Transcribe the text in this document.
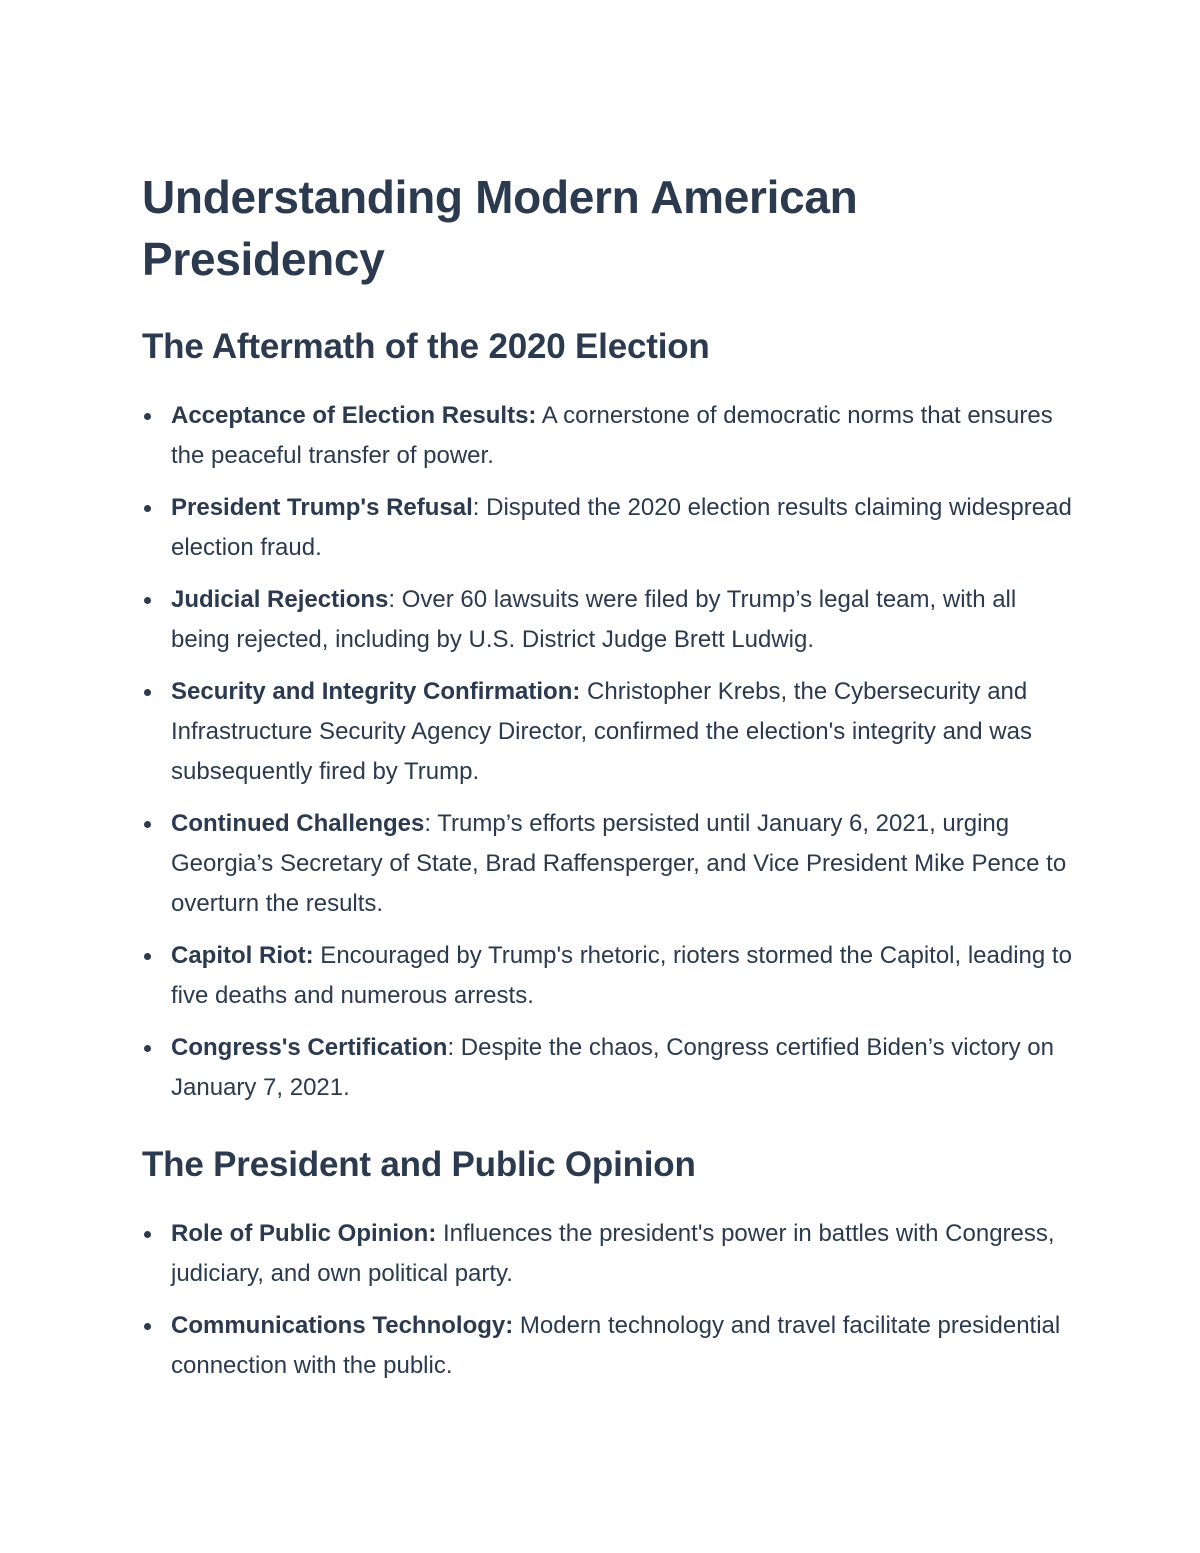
Understanding Modern American Presidency
The Aftermath of the 2020 Election
Acceptance of Election Results: A cornerstone of democratic norms that ensures the peaceful transfer of power.
President Trump's Refusal: Disputed the 2020 election results claiming widespread election fraud.
Judicial Rejections: Over 60 lawsuits were filed by Trump’s legal team, with all being rejected, including by U.S. District Judge Brett Ludwig.
Security and Integrity Confirmation: Christopher Krebs, the Cybersecurity and Infrastructure Security Agency Director, confirmed the election's integrity and was subsequently fired by Trump.
Continued Challenges: Trump’s efforts persisted until January 6, 2021, urging Georgia’s Secretary of State, Brad Raffensperger, and Vice President Mike Pence to overturn the results.
Capitol Riot: Encouraged by Trump's rhetoric, rioters stormed the Capitol, leading to five deaths and numerous arrests.
Congress's Certification: Despite the chaos, Congress certified Biden’s victory on January 7, 2021.
The President and Public Opinion
Role of Public Opinion: Influences the president's power in battles with Congress, judiciary, and own political party.
Communications Technology: Modern technology and travel facilitate presidential connection with the public.
